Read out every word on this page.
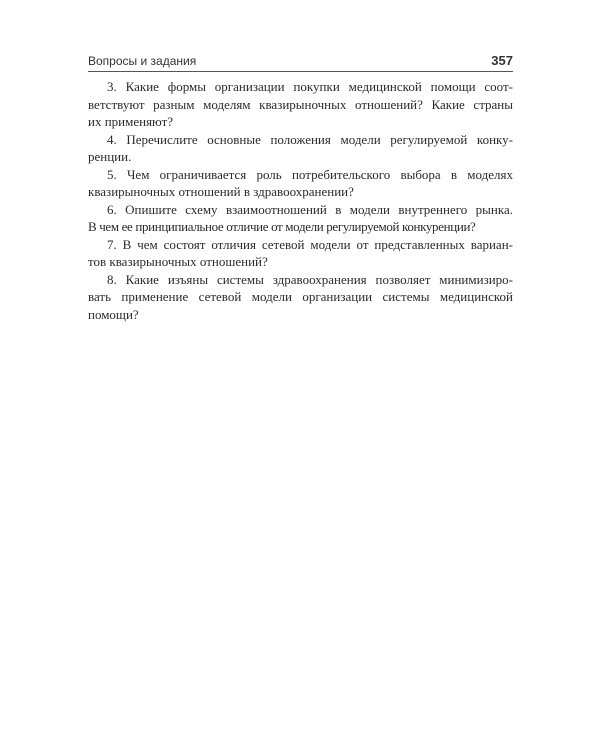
Вопросы и задания	357
3. Какие формы организации покупки медицинской помощи соот-
ветствуют разным моделям квазирыночных отношений? Какие страны
их применяют?
4. Перечислите основные положения модели регулируемой конку-
ренции.
5. Чем ограничивается роль потребительского выбора в моделях
квазирыночных отношений в здравоохранении?
6. Опишите схему взаимоотношений в модели внутреннего рынка.
В чем ее принципиальное отличие от модели регулируемой конкуренции?
7. В чем состоят отличия сетевой модели от представленных вариан-
тов квазирыночных отношений?
8. Какие изъяны системы здравоохранения позволяет минимизиро-
вать применение сетевой модели организации системы медицинской
помощи?
